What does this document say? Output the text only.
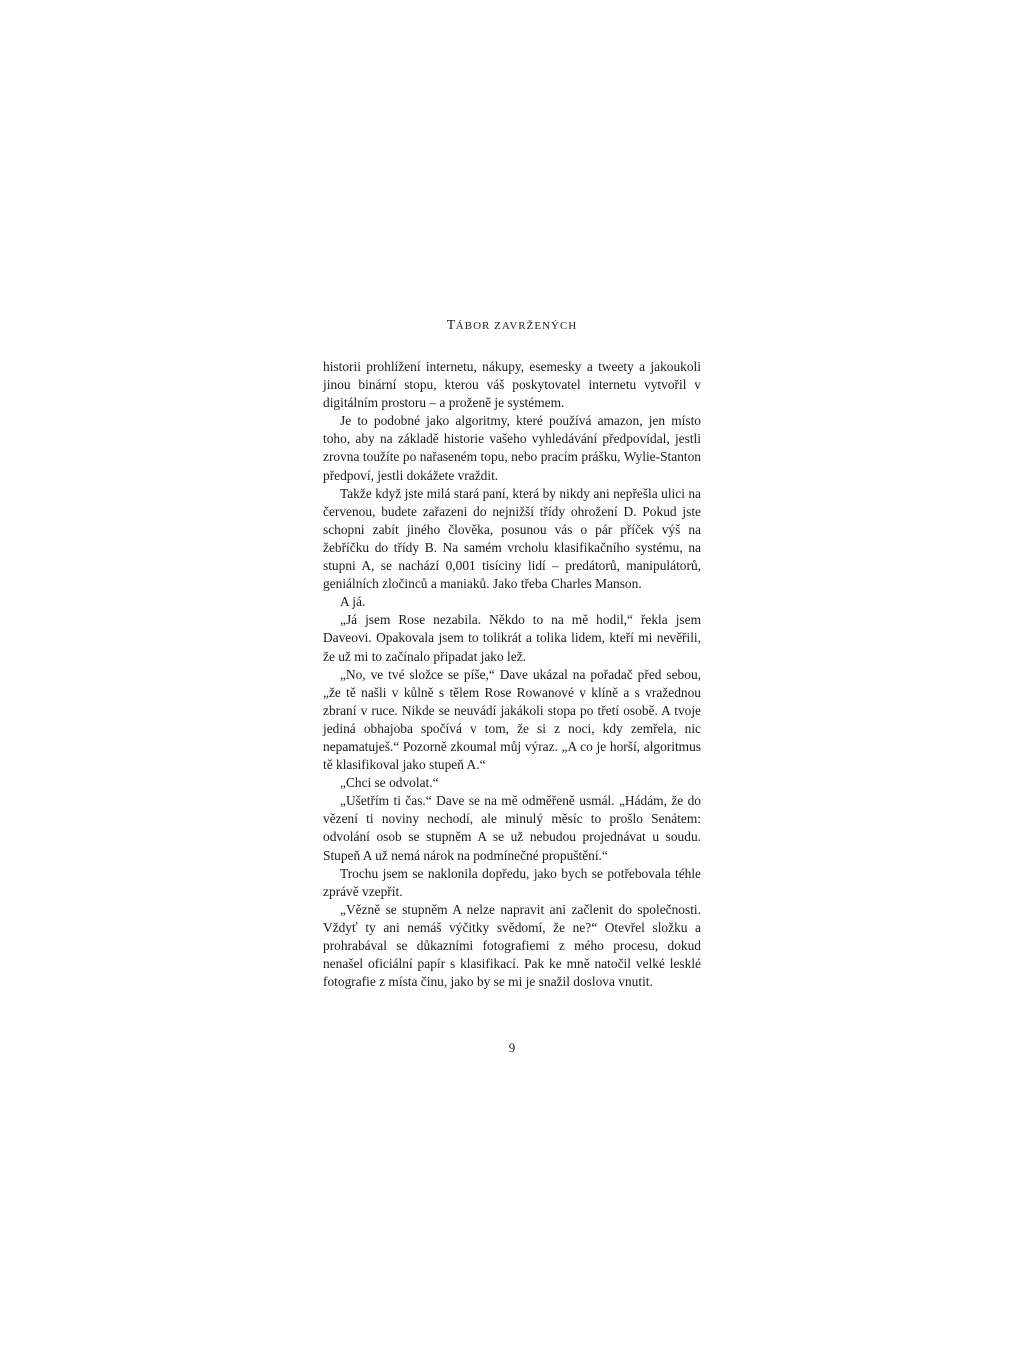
TÁBOR ZAVRŽENÝCH

historii prohlížení internetu, nákupy, esemesky a tweety a jakoukoli jinou binární stopu, kterou váš poskytovatel internetu vytvořil v digitálním prostoru – a proženě je systémem.

Je to podobné jako algoritmy, které používá amazon, jen místo toho, aby na základě historie vašeho vyhledávání předpovídal, jestli zrovna toužíte po nařaseném topu, nebo pracím prášku, Wylie-Stanton předpoví, jestli dokážete vraždit.

Takže když jste milá stará paní, která by nikdy ani nepřešla ulici na červenou, budete zařazeni do nejnižší třídy ohrožení D. Pokud jste schopni zabít jiného člověka, posunou vás o pár příček výš na žebříčku do třídy B. Na samém vrcholu klasifikačního systému, na stupni A, se nachází 0,001 tisíciny lidí – predátorů, manipulátorů, geniálních zločinců a maniaků. Jako třeba Charles Manson.

A já.

„Já jsem Rose nezabila. Někdo to na mě hodil,“ řekla jsem Daveovi. Opakovala jsem to tolikrát a tolika lidem, kteří mi nevěřili, že už mi to začínalo připadat jako lež.

„No, ve tvé složce se píše,“ Dave ukázal na pořadač před sebou, „že tě našli v kůlně s tělem Rose Rowanové v klíně a s vražednou zbraní v ruce. Nikde se neuvádí jakákoli stopa po třetí osobě. A tvoje jediná obhajoba spočívá v tom, že si z noci, kdy zemřela, nic nepamatuješ.“ Pozorně zkoumal můj výraz. „A co je horší, algoritmus tě klasifikoval jako stupeň A.“

„Chci se odvolat.“

„Ušetřím ti čas.“ Dave se na mě odměřeně usmál. „Hádám, že do vězení ti noviny nechodí, ale minulý měsíc to prošlo Senátem: odvolání osob se stupněm A se už nebudou projednávat u soudu. Stupeň A už nemá nárok na podmínečné propuštění.“

Trochu jsem se naklonila dopředu, jako bych se potřebovala téhle zprávě vzepřít.

„Vězně se stupněm A nelze napravit ani začlenit do společnosti. Vždyť ty ani nemáš výčitky svědomí, že ne?“ Otevřel složku a prohrabával se důkazními fotografiemi z mého procesu, dokud nenašel oficiální papír s klasifikací. Pak ke mně natočil velké lesklé fotografie z místa činu, jako by se mi je snažil doslova vnutit.

9
